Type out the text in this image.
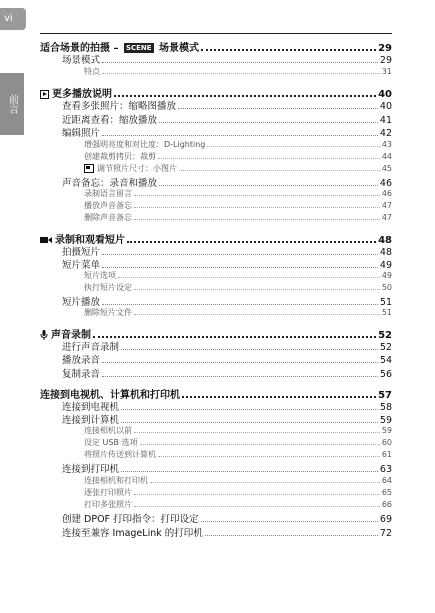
vi
前言
适合场景的拍摄 – SCENE 场景模式	29
场景模式	29
特点	31
更多播放说明	40
查看多张照片：缩略图播放	40
近距离查看：缩放播放	41
编辑照片	42
增强明亮度和对比度：D-Lighting	43
创建裁剪拷贝：裁剪	44
调节照片尺寸：小图片	45
声音备忘：录音和播放	46
录制语言留言	46
播放声音备忘	47
删除声音备忘	47
录制和观看短片	48
拍摄短片	48
短片菜单	49
短片选项	49
执行短片设定	50
短片播放	51
删除短片文件	51
声音录制	52
进行声音录制	52
播放录音	54
复制录音	56
连接到电视机、计算机和打印机	57
连接到电视机	58
连接到计算机	59
连接相机以前	59
设定 USB 选项	60
将照片传送到计算机	61
连接到打印机	63
连接相机和打印机	64
逐张打印照片	65
打印多张照片	66
创建 DPOF 打印指令：打印设定	69
连接至兼容 ImageLink 的打印机	72
